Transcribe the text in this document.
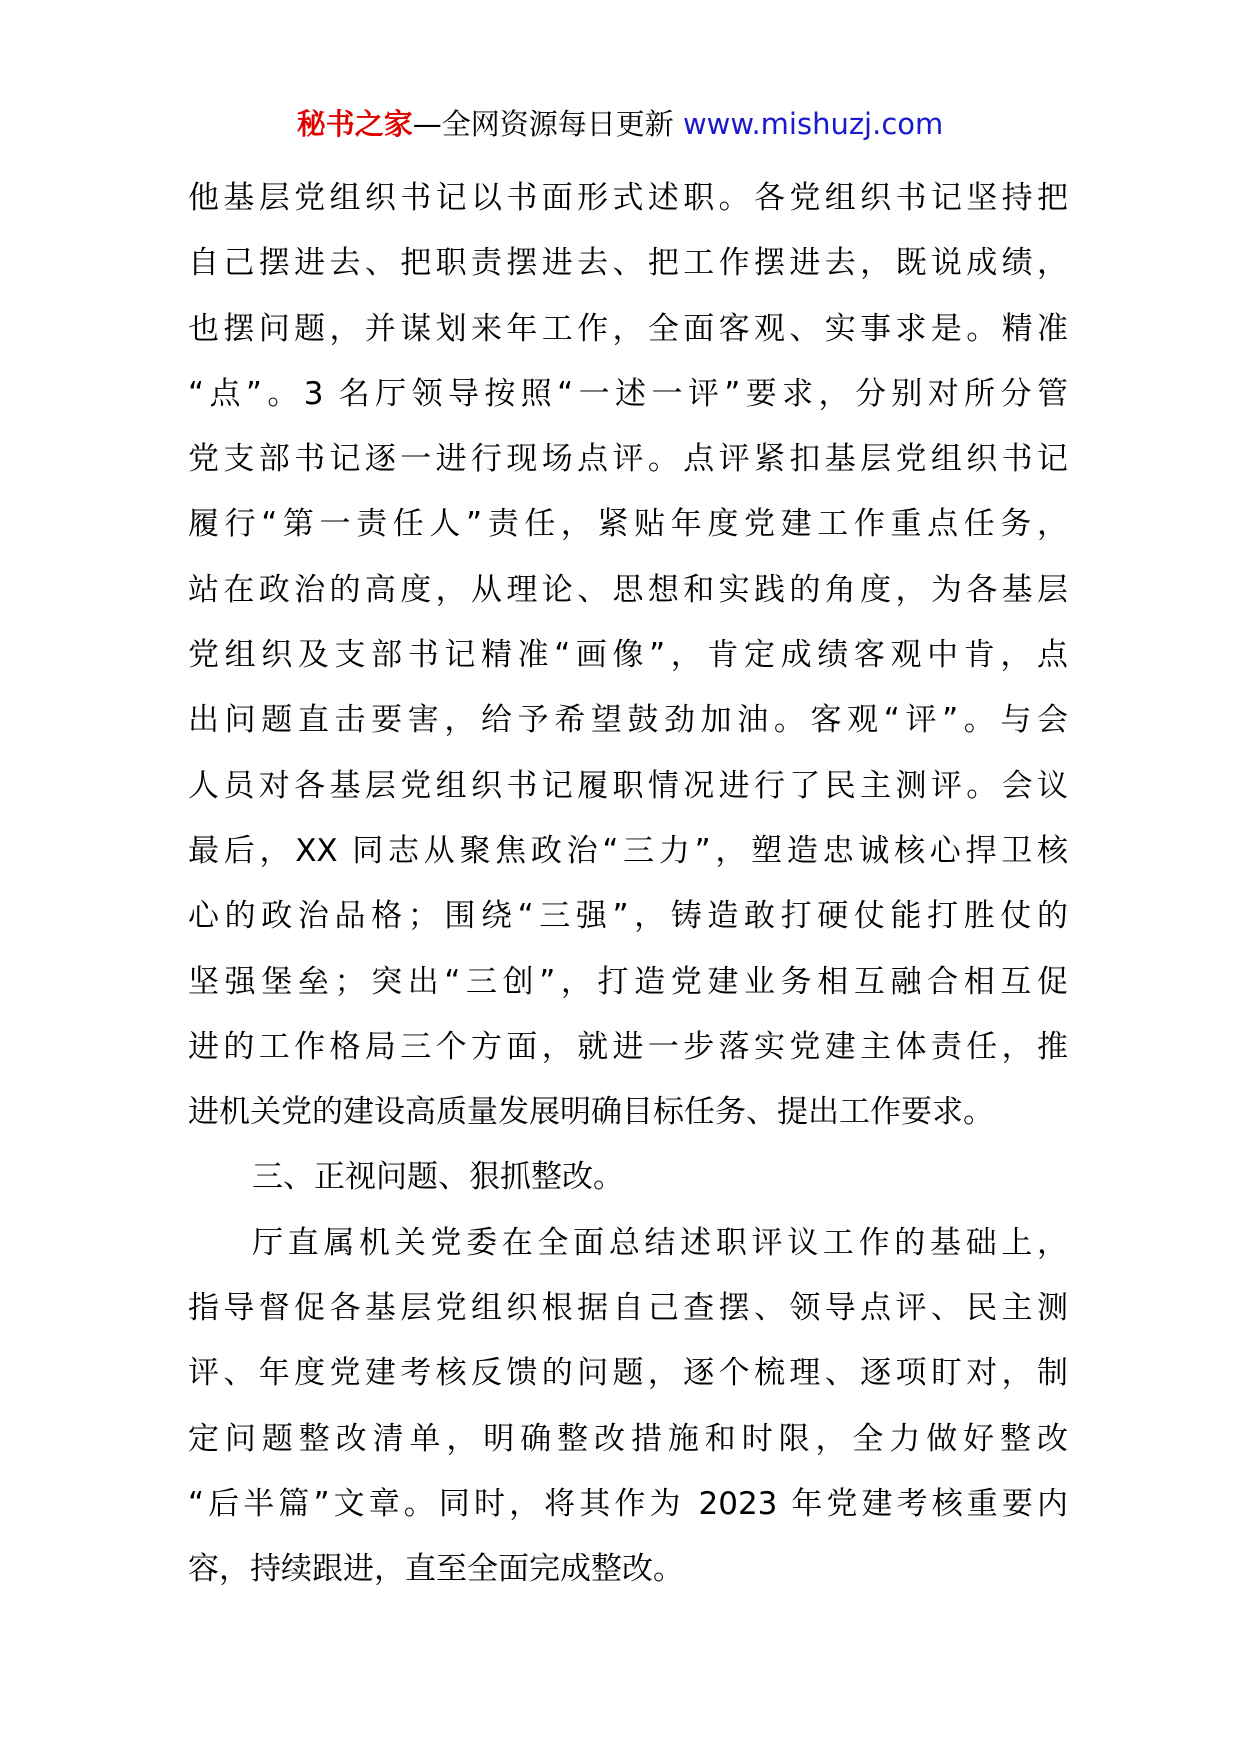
秘书之家—全网资源每日更新 www.mishuzj.com
他基层党组织书记以书面形式述职。各党组织书记坚持把
自己摆进去、把职责摆进去、把工作摆进去，既说成绩，
也摆问题，并谋划来年工作，全面客观、实事求是。精准
“点”。3 名厅领导按照“一述一评”要求，分别对所分管
党支部书记逐一进行现场点评。点评紧扣基层党组织书记
履行“第一责任人”责任，紧贴年度党建工作重点任务，
站在政治的高度，从理论、思想和实践的角度，为各基层
党组织及支部书记精准“画像”，肯定成绩客观中肯，点
出问题直击要害，给予希望鼓劲加油。客观“评”。与会
人员对各基层党组织书记履职情况进行了民主测评。会议
最后，XX 同志从聚焦政治“三力”，塑造忠诚核心捍卫核
心的政治品格；围绕“三强”，铸造敢打硬仗能打胜仗的
坚强堡垒；突出“三创”，打造党建业务相互融合相互促
进的工作格局三个方面，就进一步落实党建主体责任，推
进机关党的建设高质量发展明确目标任务、提出工作要求。
三、正视问题、狠抓整改。
厅直属机关党委在全面总结述职评议工作的基础上，
指导督促各基层党组织根据自己查摆、领导点评、民主测
评、年度党建考核反馈的问题，逐个梳理、逐项盯对，制
定问题整改清单，明确整改措施和时限，全力做好整改
“后半篇”文章。同时，将其作为 2023 年党建考核重要内
容，持续跟进，直至全面完成整改。
